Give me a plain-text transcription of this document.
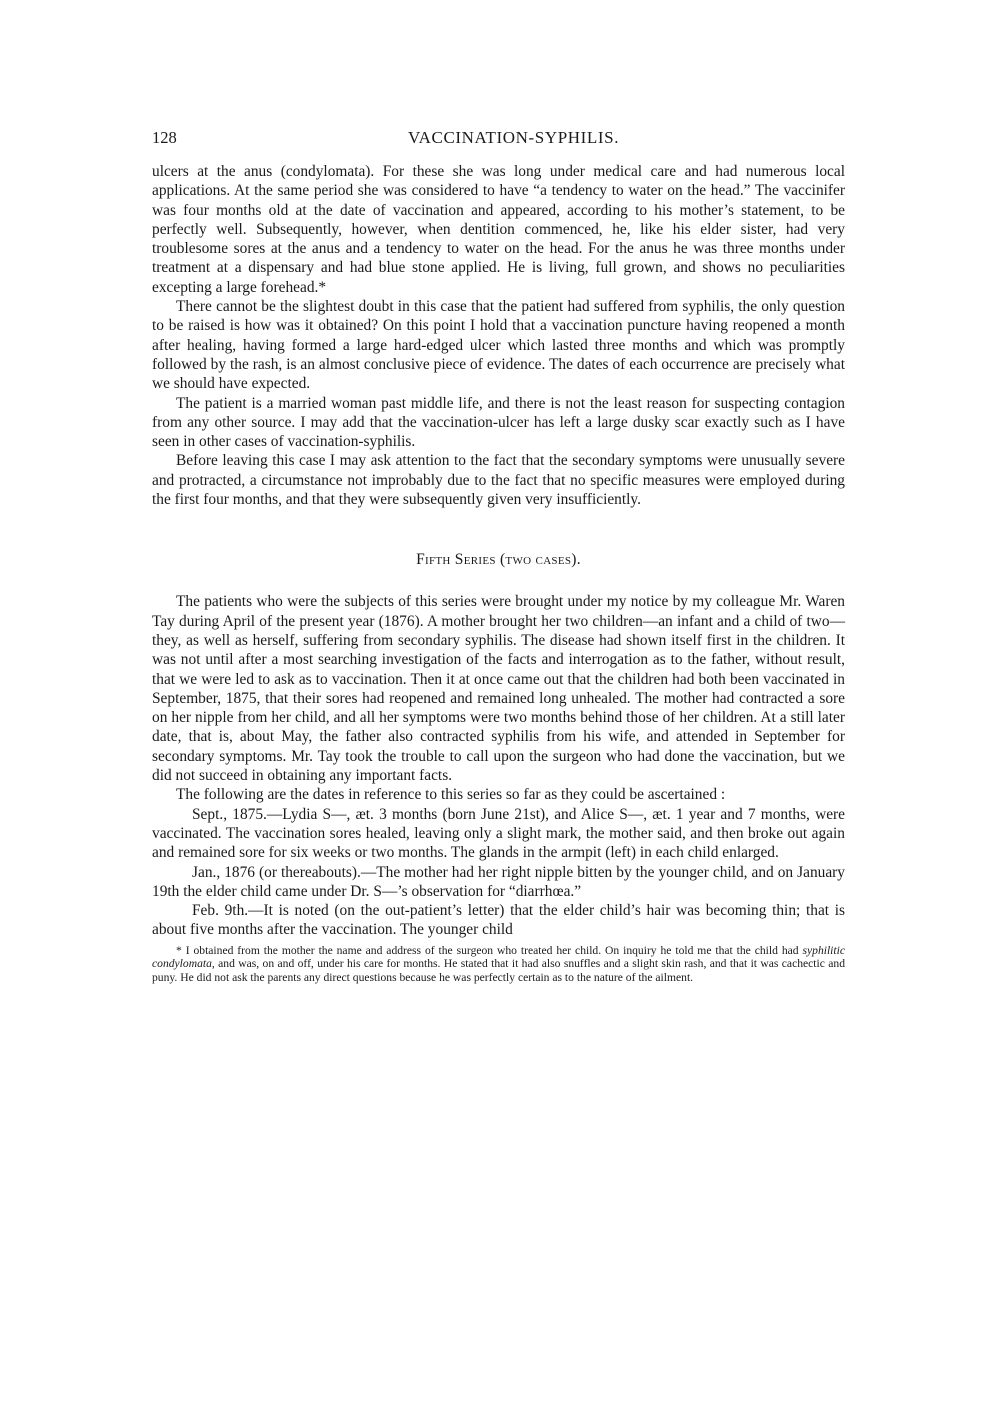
128	VACCINATION-SYPHILIS.

ulcers at the anus (condylomata). For these she was long under medical care and had numerous local applications. At the same period she was considered to have “a tendency to water on the head.” The vaccinifer was four months old at the date of vaccination and appeared, according to his mother’s statement, to be perfectly well. Subsequently, however, when dentition commenced, he, like his elder sister, had very troublesome sores at the anus and a tendency to water on the head. For the anus he was three months under treatment at a dispensary and had blue stone applied. He is living, full grown, and shows no peculiarities excepting a large forehead.*

There cannot be the slightest doubt in this case that the patient had suffered from syphilis, the only question to be raised is how was it obtained? On this point I hold that a vaccination puncture having reopened a month after healing, having formed a large hard-edged ulcer which lasted three months and which was promptly followed by the rash, is an almost conclusive piece of evidence. The dates of each occurrence are precisely what we should have expected.

The patient is a married woman past middle life, and there is not the least reason for suspecting contagion from any other source. I may add that the vaccination-ulcer has left a large dusky scar exactly such as I have seen in other cases of vaccination-syphilis.

Before leaving this case I may ask attention to the fact that the secondary symptoms were unusually severe and protracted, a circumstance not improbably due to the fact that no specific measures were employed during the first four months, and that they were subsequently given very insufficiently.

Fifth Series (two cases).

The patients who were the subjects of this series were brought under my notice by my colleague Mr. Waren Tay during April of the present year (1876). A mother brought her two children—an infant and a child of two—they, as well as herself, suffering from secondary syphilis. The disease had shown itself first in the children. It was not until after a most searching investigation of the facts and interrogation as to the father, without result, that we were led to ask as to vaccination. Then it at once came out that the children had both been vaccinated in September, 1875, that their sores had reopened and remained long unhealed. The mother had contracted a sore on her nipple from her child, and all her symptoms were two months behind those of her children. At a still later date, that is, about May, the father also contracted syphilis from his wife, and attended in September for secondary symptoms. Mr. Tay took the trouble to call upon the surgeon who had done the vaccination, but we did not succeed in obtaining any important facts.

The following are the dates in reference to this series so far as they could be ascertained :

Sept., 1875.—Lydia S—, æt. 3 months (born June 21st), and Alice S—, æt. 1 year and 7 months, were vaccinated. The vaccination sores healed, leaving only a slight mark, the mother said, and then broke out again and remained sore for six weeks or two months. The glands in the armpit (left) in each child enlarged.

Jan., 1876 (or thereabouts).—The mother had her right nipple bitten by the younger child, and on January 19th the elder child came under Dr. S—’s observation for “diarrhœa.”

Feb. 9th.—It is noted (on the out-patient’s letter) that the elder child’s hair was becoming thin; that is about five months after the vaccination. The younger child

* I obtained from the mother the name and address of the surgeon who treated her child. On inquiry he told me that the child had syphilitic condylomata, and was, on and off, under his care for months. He stated that it had also snuffles and a slight skin rash, and that it was cachectic and puny. He did not ask the parents any direct questions because he was perfectly certain as to the nature of the ailment.
